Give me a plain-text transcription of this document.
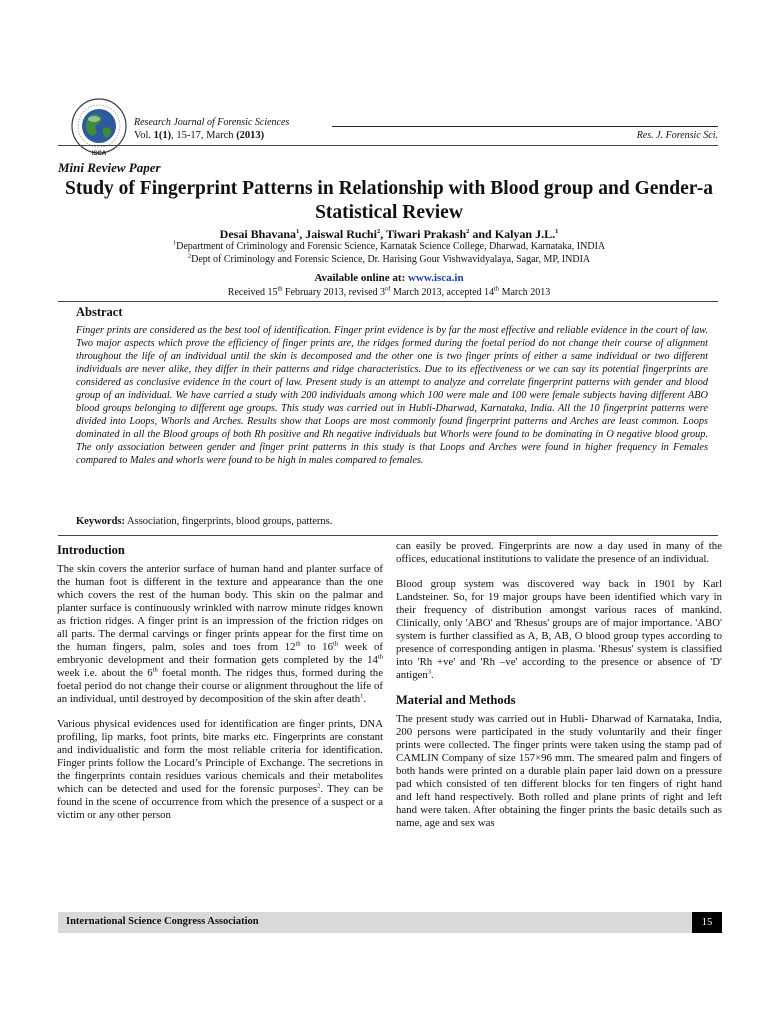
ISCA
Research Journal of Forensic Sciences
Vol. 1(1), 15-17, March (2013)	Res. J. Forensic Sci.
Mini Review Paper
Study of Fingerprint Patterns in Relationship with Blood group and Gender-a Statistical Review
Desai Bhavana$^1$, Jaiswal Ruchi$^2$, Tiwari Prakash$^2$ and Kalyan J.L.$^1$
$^1$Department of Criminology and Forensic Science, Karnatak Science College, Dharwad, Karnataka, INDIA
$^2$Dept of Criminology and Forensic Science, Dr. Harising Gour Vishwavidyalaya, Sagar, MP, INDIA
Available online at: www.isca.in
Received 15th February 2013, revised 3rd March 2013, accepted 14th March 2013
Abstract

Finger prints are considered as the best tool of identification. Finger print evidence is by far the most effective and reliable evidence in the court of law. Two major aspects which prove the efficiency of finger prints are, the ridges formed during the foetal period do not change their course of alignment throughout the life of an individual until the skin is decomposed and the other one is two finger prints of either a same individual or two different individuals are never alike, they differ in their patterns and ridge characteristics. Due to its effectiveness or we can say its potential fingerprints are considered as conclusive evidence in the court of law. Present study is an attempt to analyze and correlate fingerprint patterns with gender and blood group of an individual. We have carried a study with 200 individuals among which 100 were male and 100 were female subjects having different ABO blood groups belonging to different age groups. This study was carried out in Hubli-Dharwad, Karnataka, India. All the 10 fingerprint patterns were divided into Loops, Whorls and Arches. Results show that Loops are most commonly found fingerprint patterns and Arches are least common. Loops dominated in all the Blood groups of both Rh positive and Rh negative individuals but Whorls were found to be dominating in O negative blood group. The only association between gender and finger print patterns in this study is that Loops and Arches were found in higher frequency in Females compared to Males and whorls were found to be high in males compared to females.

Keywords: Association, fingerprints, blood groups, patterns.

Introduction

The skin covers the anterior surface of human hand and planter surface of the human foot is different in the texture and appearance than the one which covers the rest of the human body. This skin on the palmar and planter surface is continuously wrinkled with narrow minute ridges known as friction ridges. A finger print is an impression of the friction ridges on all parts. The dermal carvings or finger prints appear for the first time on the human fingers, palm, soles and toes from 12th to 16th week of embryonic development and their formation gets completed by the 14th week i.e. about the 6th foetal month. The ridges thus, formed during the foetal period do not change their course or alignment throughout the life of an individual, until destroyed by decomposition of the skin after death$^1$.

Various physical evidences used for identification are finger prints, DNA profiling, lip marks, foot prints, bite marks etc. Fingerprints are constant and individualistic and form the most reliable criteria for identification. Finger prints follow the Locard’s Principle of Exchange. The secretions in the fingerprints contain residues various chemicals and their metabolites which can be detected and used for the forensic purposes$^2$. They can be found in the scene of occurrence from which the presence of a suspect or a victim or any other person

can easily be proved. Fingerprints are now a day used in many of the offices, educational institutions to validate the presence of an individual.

Blood group system was discovered way back in 1901 by Karl Landsteiner. So, for 19 major groups have been identified which vary in their frequency of distribution amongst various races of mankind. Clinically, only 'ABO' and 'Rhesus' groups are of major importance. 'ABO' system is further classified as A, B, AB, O blood group types according to presence of corresponding antigen in plasma. 'Rhesus' system is classified into 'Rh +ve' and 'Rh –ve' according to the presence or absence of 'D' antigen$^3$.

Material and Methods

The present study was carried out in Hubli- Dharwad of Karnataka, India, 200 persons were participated in the study voluntarily and their finger prints were collected. The finger prints were taken using the stamp pad of CAMLIN Company of size 157×96 mm. The smeared palm and fingers of both hands were printed on a durable plain paper laid down on a pressure pad which consisted of ten different blocks for ten fingers of right hand and left hand respectively. Both rolled and plane prints of right and left hand were taken. After obtaining the finger prints the basic details such as name, age and sex was

International Science Congress Association	15
